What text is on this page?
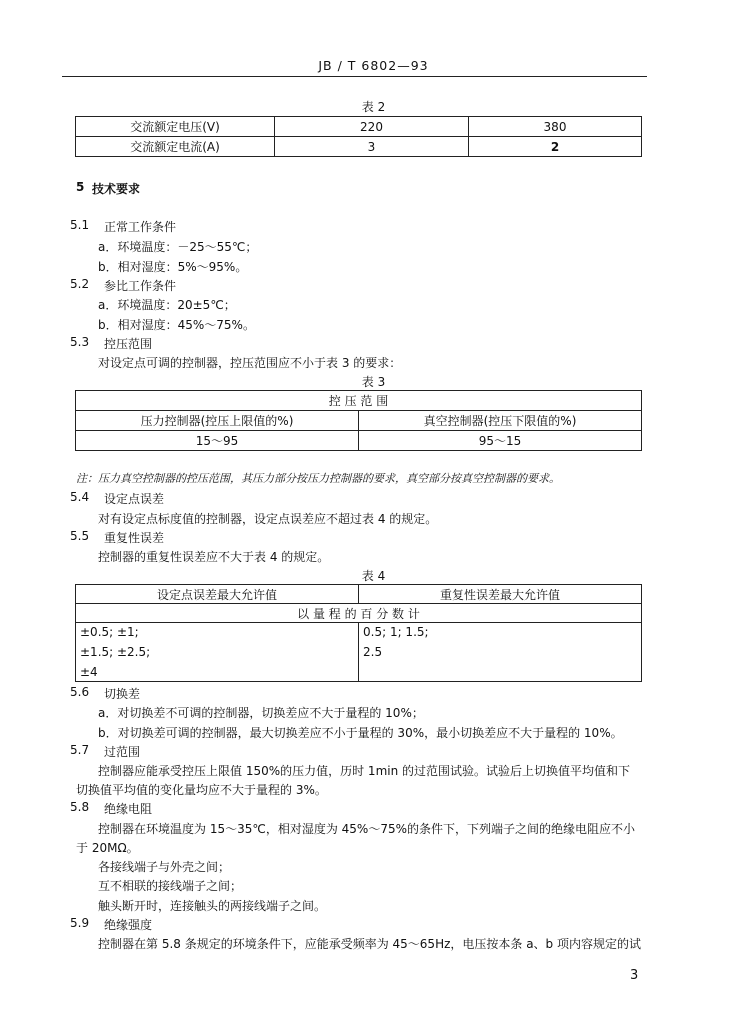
JB / T 6802—93
表 2
交流额定电压(V)	220	380
交流额定电流(A)	3	2
5 技术要求
5.1 正常工作条件
a．环境温度：－25～55℃；
b．相对湿度：5%～95%。
5.2 参比工作条件
a．环境温度：20±5℃；
b．相对湿度：45%～75%。
5.3 控压范围
对设定点可调的控制器，控压范围应不小于表 3 的要求：
表 3
控 压 范 围	
压力控制器(控压上限值的%)	真空控制器(控压下限值的%)
15～95	95～15
注：压力真空控制器的控压范围，其压力部分按压力控制器的要求，真空部分按真空控制器的要求。
5.4 设定点误差
对有设定点标度值的控制器，设定点误差应不超过表 4 的规定。
5.5 重复性误差
控制器的重复性误差应不大于表 4 的规定。
表 4
设定点误差最大允许值	重复性误差最大允许值
以 量 程 的 百 分 数 计	
±0.5; ±1;	0.5; 1; 1.5;
±1.5; ±2.5;	2.5
±4	
5.6 切换差
a．对切换差不可调的控制器，切换差应不大于量程的 10%；
b．对切换差可调的控制器，最大切换差应不小于量程的 30%，最小切换差应不大于量程的 10%。
5.7 过范围
控制器应能承受控压上限值 150%的压力值，历时 1min 的过范围试验。试验后上切换值平均值和下
切换值平均值的变化量均应不大于量程的 3%。
5.8 绝缘电阻
控制器在环境温度为 15～35℃，相对湿度为 45%～75%的条件下，下列端子之间的绝缘电阻应不小
于 20MΩ。
各接线端子与外壳之间；
互不相联的接线端子之间；
触头断开时，连接触头的两接线端子之间。
5.9 绝缘强度
控制器在第 5.8 条规定的环境条件下，应能承受频率为 45～65Hz，电压按本条 a、b 项内容规定的试
3
